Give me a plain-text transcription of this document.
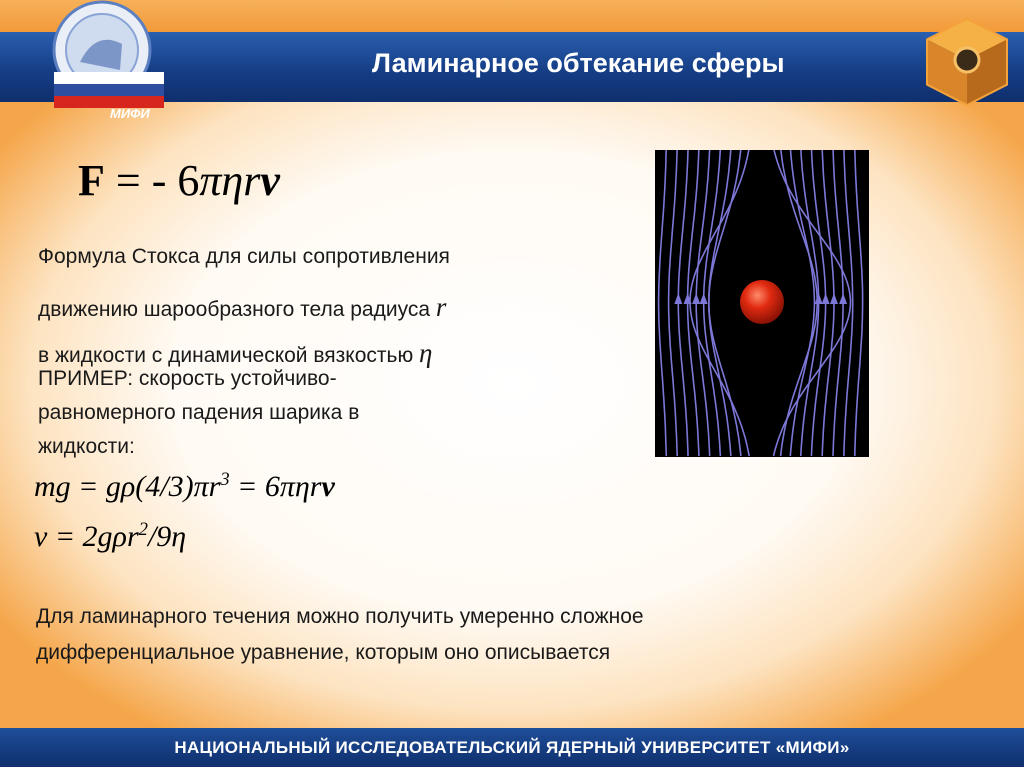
Ламинарное обтекание сферы
МИФИ
F = - 6πηrv
Формула Стокса для силы сопротивления
движению шарообразного тела радиуса r
в жидкости с динамической вязкостью η
ПРИМЕР: скорость устойчиво-
равномерного падения шарика в
жидкости:
mg = $g\rho(4/3)\pi r^3 = 6\pi\eta rv$
v = 2gρr$^2$/9η
Для ламинарного течения можно получить умеренно сложное
дифференциальное уравнение, которым оно описывается
НАЦИОНАЛЬНЫЙ ИССЛЕДОВАТЕЛЬСКИЙ ЯДЕРНЫЙ УНИВЕРСИТЕТ «МИФИ»
